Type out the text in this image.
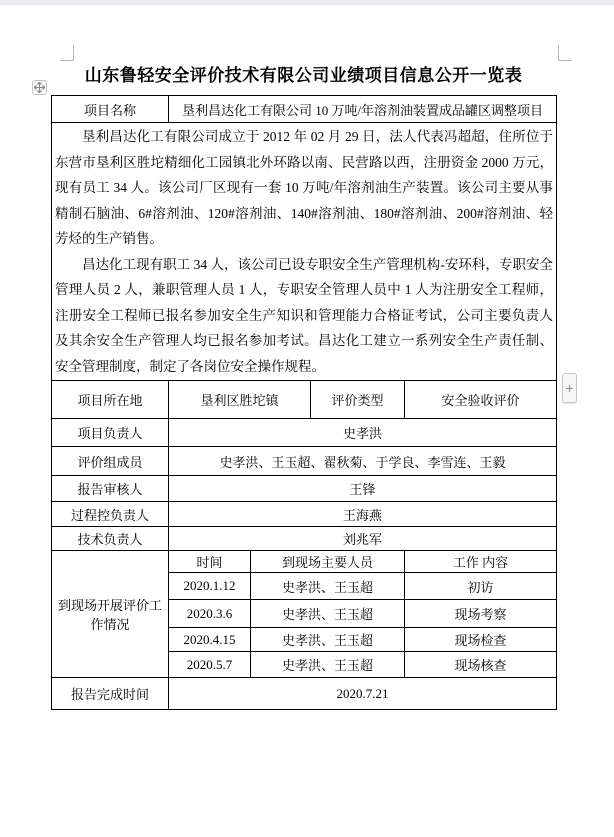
+
山东鲁轻安全评价技术有限公司业绩项目信息公开一览表
项目名称	垦利昌达化工有限公司 10 万吨/年溶剂油装置成品罐区调整项目			

垦利昌达化工有限公司成立于 2012 年 02 月 29 日，法人代表冯超超，住所位于东营市垦利区胜坨精细化工园镇北外环路以南、民营路以西，注册资金 2000 万元，现有员工 34 人。该公司厂区现有一套 10 万吨/年溶剂油生产装置。该公司主要从事精制石脑油、6#溶剂油、120#溶剂油、140#溶剂油、180#溶剂油、200#溶剂油、轻芳烃的生产销售。

昌达化工现有职工 34 人，该公司已设专职安全生产管理机构-安环科，专职安全管理人员 2 人，兼职管理人员 1 人，专职安全管理人员中 1 人为注册安全工程师，注册安全工程师已报名参加安全生产知识和管理能力合格证考试，公司主要负责人及其余安全生产管理人均已报名参加考试。昌达化工建立一系列安全生产责任制、安全管理制度，制定了各岗位安全操作规程。				

项目所在地	垦利区胜坨镇		评价类型	安全验收评价
项目负责人	史孝洪			
评价组成员	史孝洪、王玉超、翟秋菊、于学良、李雪连、王毅			
报告审核人	王锋			
过程控负责人	王海燕			
技术负责人	刘兆军			
到现场开展评价工作情况	时间	到现场主要人员		工作 内容
	2020.1.12	史孝洪、王玉超		初访
	2020.3.6	史孝洪、王玉超		现场考察
	2020.4.15	史孝洪、王玉超		现场检查
	2020.5.7	史孝洪、王玉超		现场核查
报告完成时间	2020.7.21			
